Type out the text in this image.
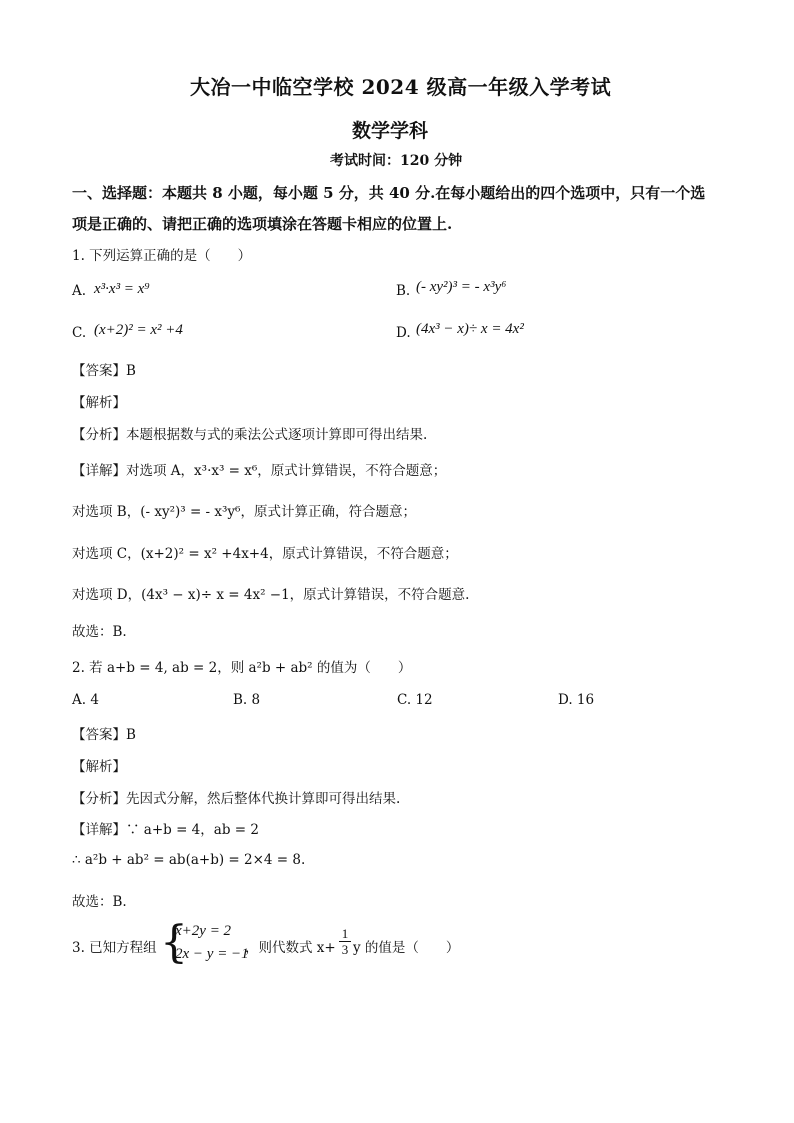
大冶一中临空学校 2024 级高一年级入学考试
数学学科
考试时间：120 分钟
一、选择题：本题共 8 小题，每小题 5 分，共 40 分.在每小题给出的四个选项中，只有一个选
项是正确的、请把正确的选项填涂在答题卡相应的位置上.
1. 下列运算正确的是（　　）
A. x³·x³ = x⁹	B. (- xy²)³ = - x³y⁶
C. (x+2)² = x² +4	D. (4x³ − x)÷ x = 4x²
【答案】B
【解析】
【分析】本题根据数与式的乘法公式逐项计算即可得出结果.
【详解】对选项 A，x³·x³ = x⁶，原式计算错误，不符合题意；
对选项 B，(- xy²)³ = - x³y⁶，原式计算正确，符合题意；
对选项 C，(x+2)² = x² +4x+4，原式计算错误，不符合题意；
对选项 D，(4x³ − x)÷ x = 4x² −1，原式计算错误，不符合题意.
故选：B.
2. 若 a+b = 4, ab = 2，则 a²b + ab² 的值为（　　）
A. 4	B. 8	C. 12	D. 16
【答案】B
【解析】
【分析】先因式分解，然后整体代换计算即可得出结果.
【详解】∵ a+b = 4，ab = 2
∴ a²b + ab² = ab(a+b) = 2×4 = 8.
故选：B.
3. 已知方程组 {
x+2y = 2
2x − y = −1
，则代数式 x+
1
3 y 的值是（　　）
